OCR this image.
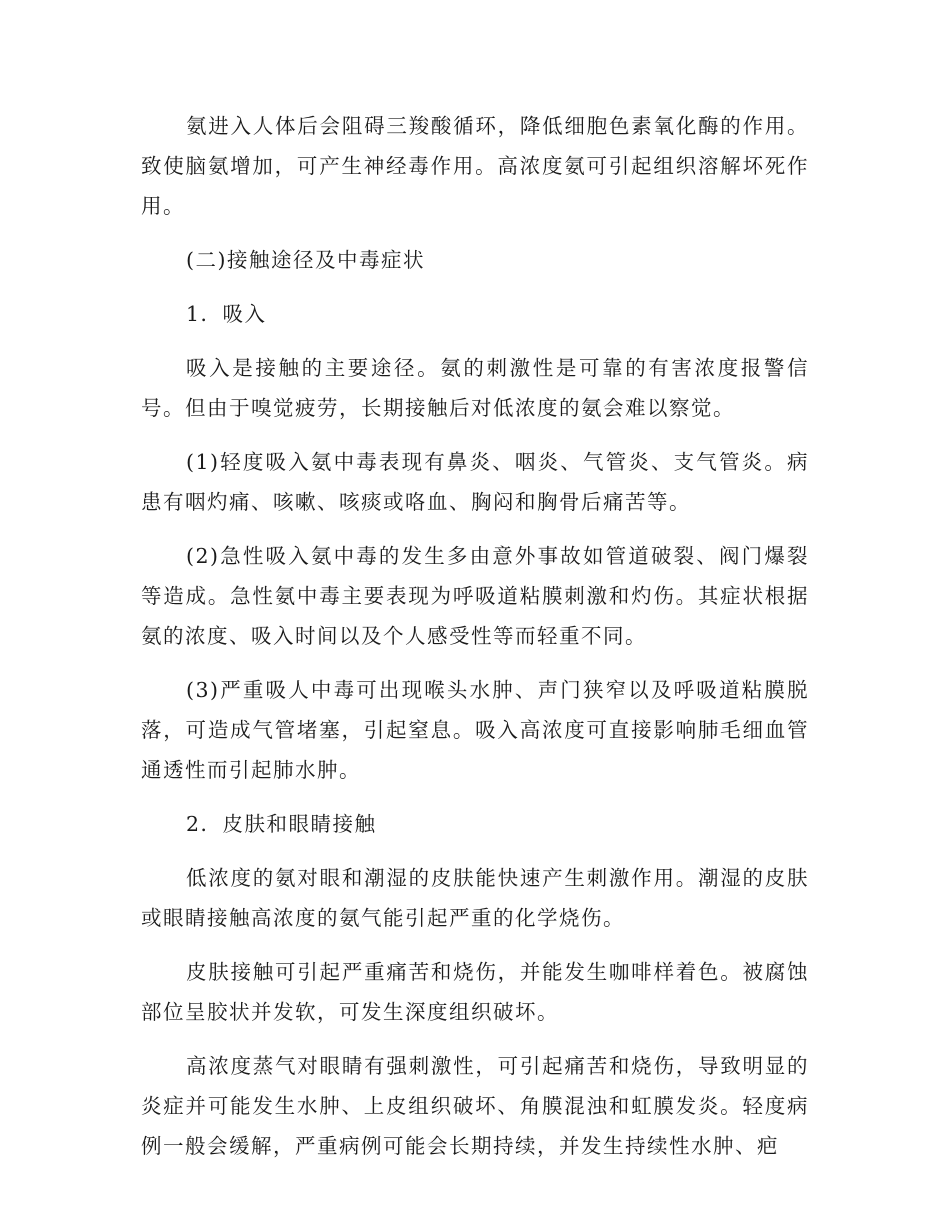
氨进入人体后会阻碍三羧酸循环，降低细胞色素氧化酶的作用。致使脑氨增加，可产生神经毒作用。高浓度氨可引起组织溶解坏死作用。

(二)接触途径及中毒症状

1．吸入

吸入是接触的主要途径。氨的刺激性是可靠的有害浓度报警信号。但由于嗅觉疲劳，长期接触后对低浓度的氨会难以察觉。

(1)轻度吸入氨中毒表现有鼻炎、咽炎、气管炎、支气管炎。病患有咽灼痛、咳嗽、咳痰或咯血、胸闷和胸骨后痛苦等。

(2)急性吸入氨中毒的发生多由意外事故如管道破裂、阀门爆裂等造成。急性氨中毒主要表现为呼吸道粘膜刺激和灼伤。其症状根据氨的浓度、吸入时间以及个人感受性等而轻重不同。

(3)严重吸人中毒可出现喉头水肿、声门狭窄以及呼吸道粘膜脱落，可造成气管堵塞，引起窒息。吸入高浓度可直接影响肺毛细血管通透性而引起肺水肿。

2．皮肤和眼睛接触

低浓度的氨对眼和潮湿的皮肤能快速产生刺激作用。潮湿的皮肤或眼睛接触高浓度的氨气能引起严重的化学烧伤。

皮肤接触可引起严重痛苦和烧伤，并能发生咖啡样着色。被腐蚀部位呈胶状并发软，可发生深度组织破坏。

高浓度蒸气对眼睛有强刺激性，可引起痛苦和烧伤，导致明显的炎症并可能发生水肿、上皮组织破坏、角膜混浊和虹膜发炎。轻度病例一般会缓解，严重病例可能会长期持续，并发生持续性水肿、疤
